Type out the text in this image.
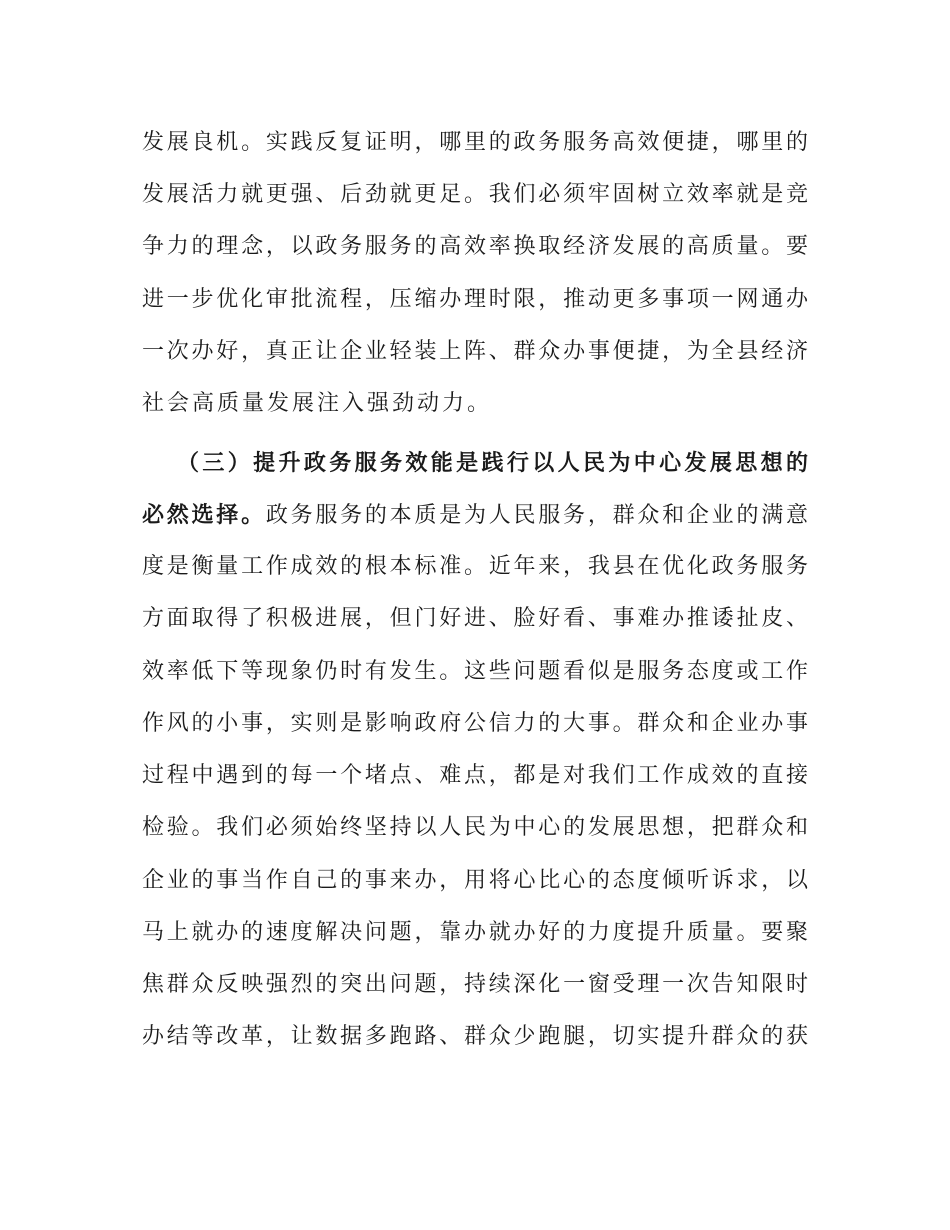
发展良机。实践反复证明，哪里的政务服务高效便捷，哪里的
发展活力就更强、后劲就更足。我们必须牢固树立效率就是竞
争力的理念，以政务服务的高效率换取经济发展的高质量。要
进一步优化审批流程，压缩办理时限，推动更多事项一网通办
一次办好，真正让企业轻装上阵、群众办事便捷，为全县经济
社会高质量发展注入强劲动力。
（三）提升政务服务效能是践行以人民为中心发展思想的
必然选择。政务服务的本质是为人民服务，群众和企业的满意
度是衡量工作成效的根本标准。近年来，我县在优化政务服务
方面取得了积极进展，但门好进、脸好看、事难办推诿扯皮、
效率低下等现象仍时有发生。这些问题看似是服务态度或工作
作风的小事，实则是影响政府公信力的大事。群众和企业办事
过程中遇到的每一个堵点、难点，都是对我们工作成效的直接
检验。我们必须始终坚持以人民为中心的发展思想，把群众和
企业的事当作自己的事来办，用将心比心的态度倾听诉求，以
马上就办的速度解决问题，靠办就办好的力度提升质量。要聚
焦群众反映强烈的突出问题，持续深化一窗受理一次告知限时
办结等改革，让数据多跑路、群众少跑腿，切实提升群众的获
